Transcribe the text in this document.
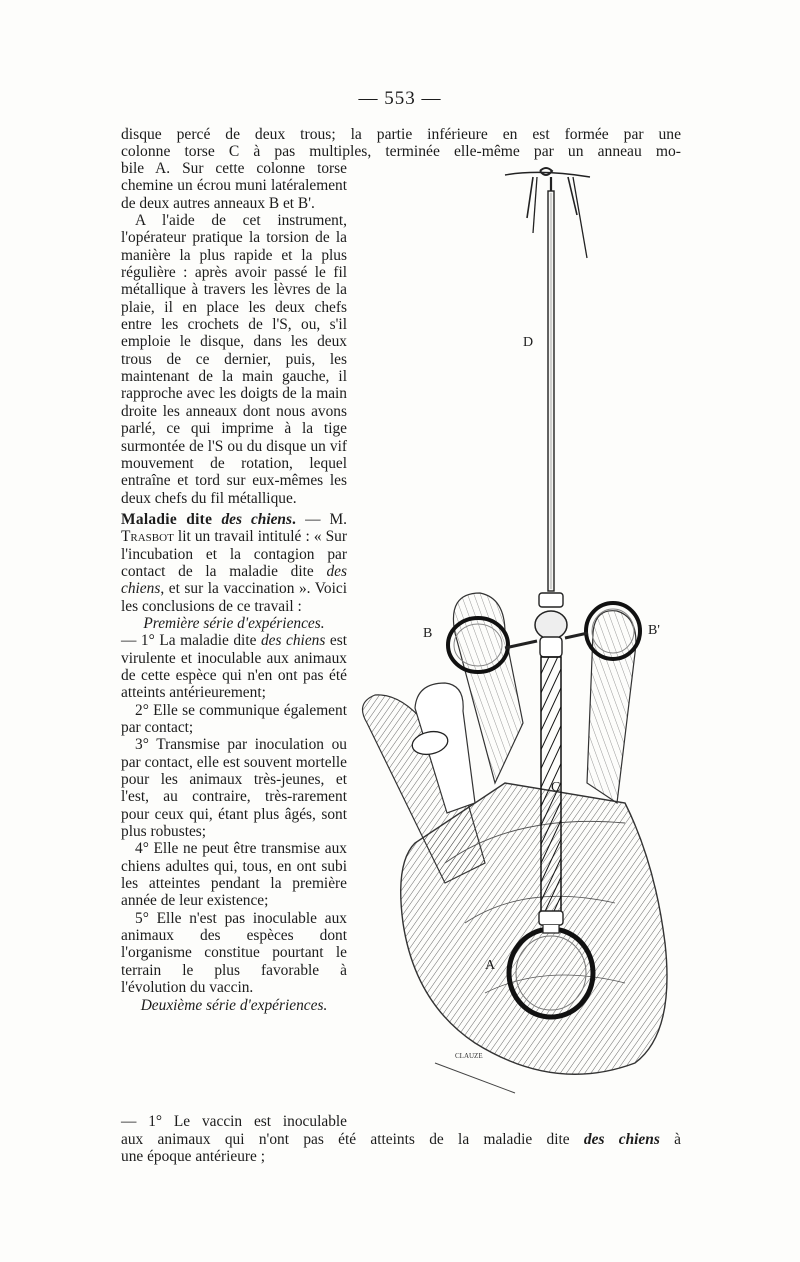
— 553 —
disque percé de deux trous; la partie inférieure en est formée par une
colonne torse C à pas multiples, terminée elle-même par un anneau mo-

bile A. Sur cette colonne torse chemine un écrou muni latéralement de deux autres anneaux B et B'.

A l'aide de cet instrument, l'opérateur pratique la torsion de la manière la plus rapide et la plus régulière : après avoir passé le fil métallique à travers les lèvres de la plaie, il en place les deux chefs entre les crochets de l'S, ou, s'il emploie le disque, dans les deux trous de ce dernier, puis, les maintenant de la main gauche, il rapproche avec les doigts de la main droite les anneaux dont nous avons parlé, ce qui imprime à la tige surmontée de l'S ou du disque un vif mouvement de rotation, lequel entraîne et tord sur eux-mêmes les deux chefs du fil métallique.

Maladie dite des chiens. — M. Trasbot lit un travail intitulé : « Sur l'incubation et la contagion par contact de la maladie dite des chiens, et sur la vaccination ». Voici les conclusions de ce travail :

Première série d'expériences.

— 1° La maladie dite des chiens est virulente et inoculable aux animaux de cette espèce qui n'en ont pas été atteints antérieurement;

2° Elle se communique également par contact;

3° Transmise par inoculation ou par contact, elle est souvent mortelle pour les animaux très-jeunes, et l'est, au contraire, très-rarement pour ceux qui, étant plus âgés, sont plus robustes;

4° Elle ne peut être transmise aux chiens adultes qui, tous, en ont subi les atteintes pendant la première année de leur existence;

5° Elle n'est pas inoculable aux animaux des espèces dont l'organisme constitue pourtant le terrain le plus favorable à l'évolution du vaccin.

Deuxième série d'expériences.

— 1° Le vaccin est inoculable
aux animaux qui n'ont pas été atteints de la maladie dite des chiens à
une époque antérieure ;
CLAUZE
D
B	B'
C
A
